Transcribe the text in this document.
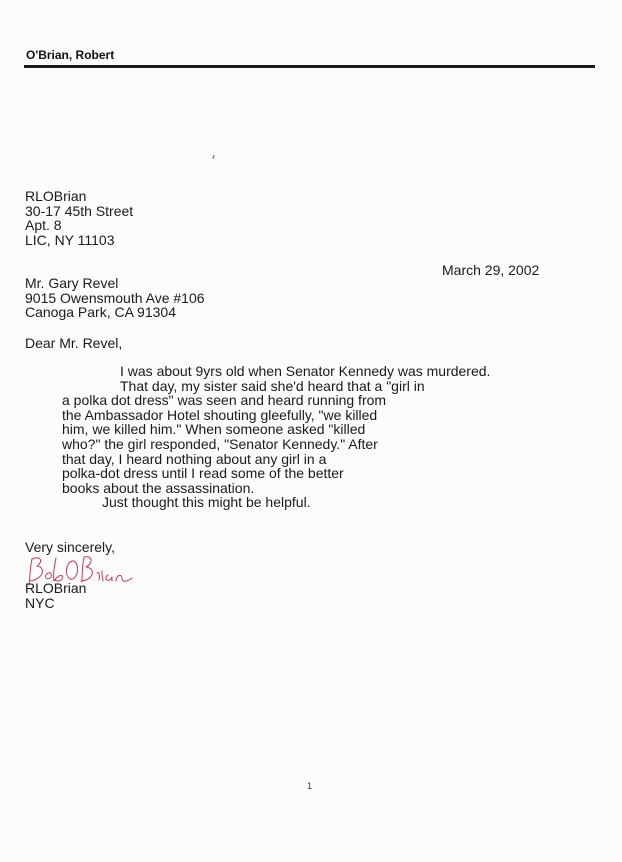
O'Brian, Robert
RLOBrian
30-17 45th Street
Apt. 8
LIC, NY 11103
Mr. Gary Revel
9015 Owensmouth Ave #106
Canoga Park, CA 91304
March 29, 2002
Dear Mr. Revel,
I was about 9yrs old when Senator Kennedy was murdered.
That day, my sister said she'd heard that a "girl in
a polka dot dress" was seen and heard running from
the Ambassador Hotel shouting gleefully, "we killed
him, we killed him." When someone asked "killed
who?" the girl responded, "Senator Kennedy." After
that day, I heard nothing about any girl in a
polka-dot dress until I read some of the better
books about the assassination.
Just thought this might be helpful.
Very sincerely,
RLOBrian
NYC
1
